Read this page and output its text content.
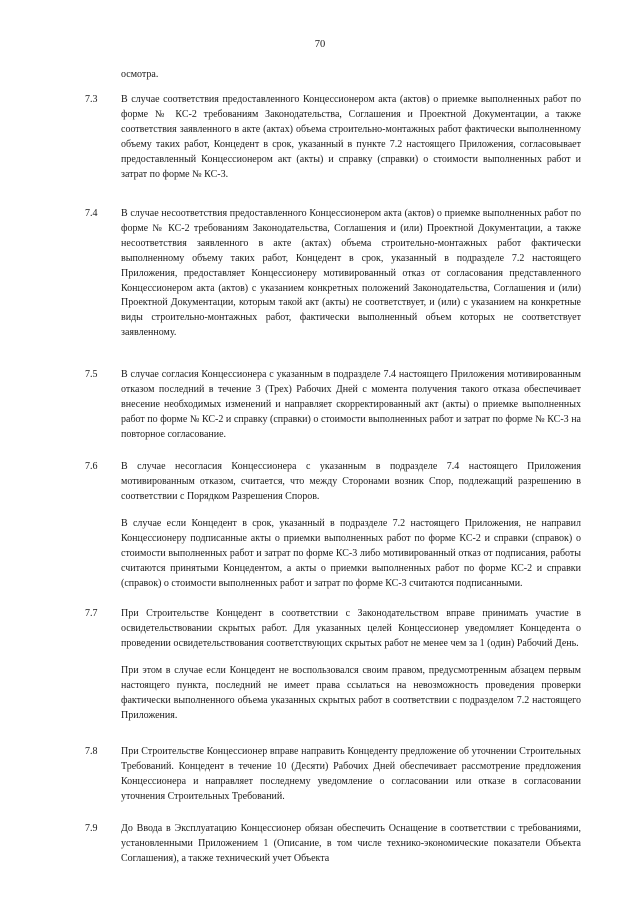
70
осмотра.
7.3	В случае соответствия предоставленного Концессионером акта (актов) о приемке выполненных работ по форме № КС-2 требованиям Законодательства, Соглашения и Проектной Документации, а также соответствия заявленного в акте (актах) объема строительно-монтажных работ фактически выполненному объему таких работ, Концедент в срок, указанный в пункте 7.2 настоящего Приложения, согласовывает предоставленный Концессионером акт (акты) и справку (справки) о стоимости выполненных работ и затрат по форме № КС-3.

7.4	В случае несоответствия предоставленного Концессионером акта (актов) о приемке выполненных работ по форме № КС-2 требованиям Законодательства, Соглашения и (или) Проектной Документации, а также несоответствия заявленного в акте (актах) объема строительно-монтажных работ фактически выполненному объему таких работ, Концедент в срок, указанный в подразделе 7.2 настоящего Приложения, предоставляет Концессионеру мотивированный отказ от согласования представленного Концессионером акта (актов) с указанием конкретных положений Законодательства, Соглашения и (или) Проектной Документации, которым такой акт (акты) не соответствует, и (или) с указанием на конкретные виды строительно-монтажных работ, фактически выполненный объем которых не соответствует заявленному.

7.5	В случае согласия Концессионера с указанным в подразделе 7.4 настоящего Приложения мотивированным отказом последний в течение 3 (Трех) Рабочих Дней с момента получения такого отказа обеспечивает внесение необходимых изменений и направляет скорректированный акт (акты) о приемке выполненных работ по форме № КС-2 и справку (справки) о стоимости выполненных работ и затрат по форме № КС-3 на повторное согласование.

7.6	В случае несогласия Концессионера с указанным в подразделе 7.4 настоящего Приложения мотивированным отказом, считается, что между Сторонами возник Спор, подлежащий разрешению в соответствии с Порядком Разрешения Споров.

В случае если Концедент в срок, указанный в подразделе 7.2 настоящего Приложения, не направил Концессионеру подписанные акты о приемки выполненных работ по форме КС-2 и справки (справок) о стоимости выполненных работ и затрат по форме КС-3 либо мотивированный отказ от подписания, работы считаются принятыми Концедентом, а акты о приемки выполненных работ по форме КС-2 и справки (справок) о стоимости выполненных работ и затрат по форме КС-3 считаются подписанными.

7.7	При Строительстве Концедент в соответствии с Законодательством вправе принимать участие в освидетельствовании скрытых работ. Для указанных целей Концессионер уведомляет Концедента о проведении освидетельствования соответствующих скрытых работ не менее чем за 1 (один) Рабочий День.

При этом в случае если Концедент не воспользовался своим правом, предусмотренным абзацем первым настоящего пункта, последний не имеет права ссылаться на невозможность проведения проверки фактически выполненного объема указанных скрытых работ в соответствии с подразделом 7.2 настоящего Приложения.

7.8	При Строительстве Концессионер вправе направить Концеденту предложение об уточнении Строительных Требований. Концедент в течение 10 (Десяти) Рабочих Дней обеспечивает рассмотрение предложения Концессионера и направляет последнему уведомление о согласовании или отказе в согласовании уточнения Строительных Требований.

7.9	До Ввода в Эксплуатацию Концессионер обязан обеспечить Оснащение в соответствии с требованиями, установленными Приложением 1 (Описание, в том числе технико-экономические показатели Объекта Соглашения), а также технический учет Объекта
